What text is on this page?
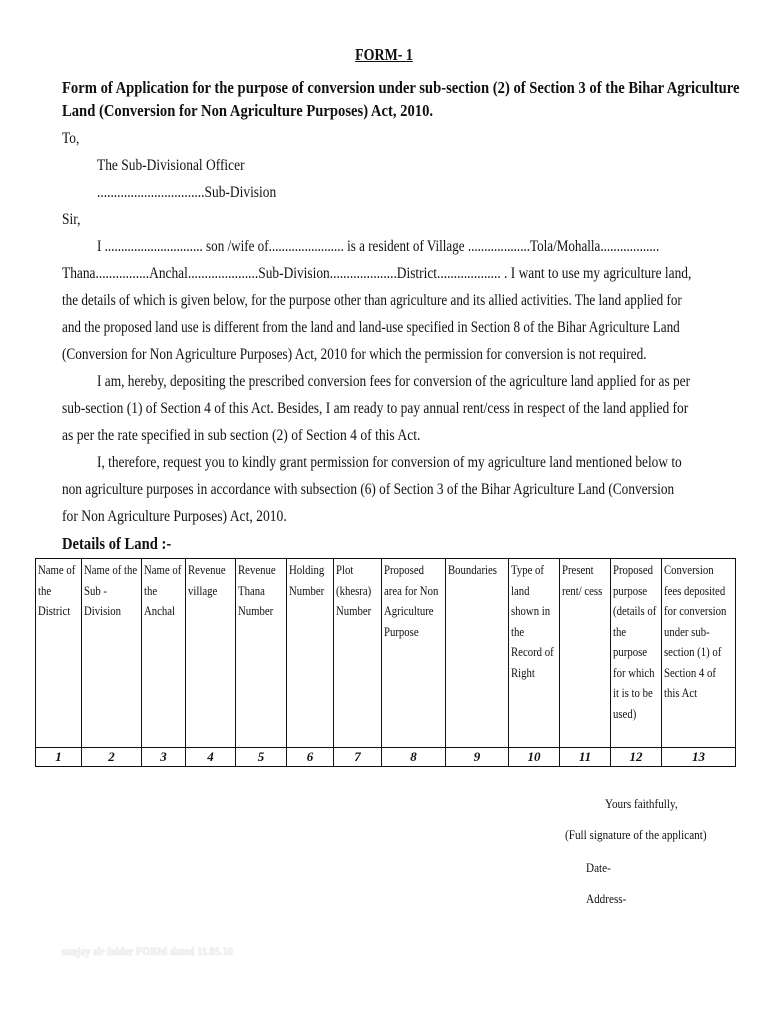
FORM- 1
Form of Application for the purpose of conversion under sub-section (2) of Section 3 of the Bihar Agriculture
Land (Conversion for Non Agriculture Purposes) Act, 2010.
To,
The Sub-Divisional Officer
................................Sub-Division
Sir,
I .............................. son /wife of....................... is a resident of Village ...................Tola/Mohalla..................
Thana................Anchal.....................Sub-Division....................District................... . I want to use my agriculture land,
the details of which is given below, for the purpose other than agriculture and its allied activities. The land applied for
and the proposed land use is different from the land and land-use specified in Section 8 of the Bihar Agriculture Land
(Conversion for Non Agriculture Purposes) Act, 2010 for which the permission for conversion is not required.
I am, hereby, depositing the prescribed conversion fees for conversion of the agriculture land applied for as per
sub-section (1) of Section 4 of this Act. Besides, I am ready to pay annual rent/cess in respect of the land applied for
as per the rate specified in sub section (2) of Section 4 of this Act.
I, therefore, request you to kindly grant permission for conversion of my agriculture land mentioned below to
non agriculture purposes in accordance with subsection (6) of Section 3 of the Bihar Agriculture Land (Conversion
for Non Agriculture Purposes) Act, 2010.
Details of Land :-
Name of the District	Name of the Sub - Division	Name of the Anchal	Revenue village	Revenue Thana Number	Holding Number	Plot (khesra) Number	Proposed area for Non Agriculture Purpose	Boundaries	Type of land shown in the Record of Right	Present rent/ cess	Proposed purpose (details of the purpose for which it is to be used)	Conversion fees deposited for conversion under sub-section (1) of Section 4 of this Act

1	2	3	4	5	6	7	8	9	10	11	12	13
Yours faithfully,
(Full signature of the applicant)
Date-
Address-
sanjay sir folder FORM dated 11.05.10
